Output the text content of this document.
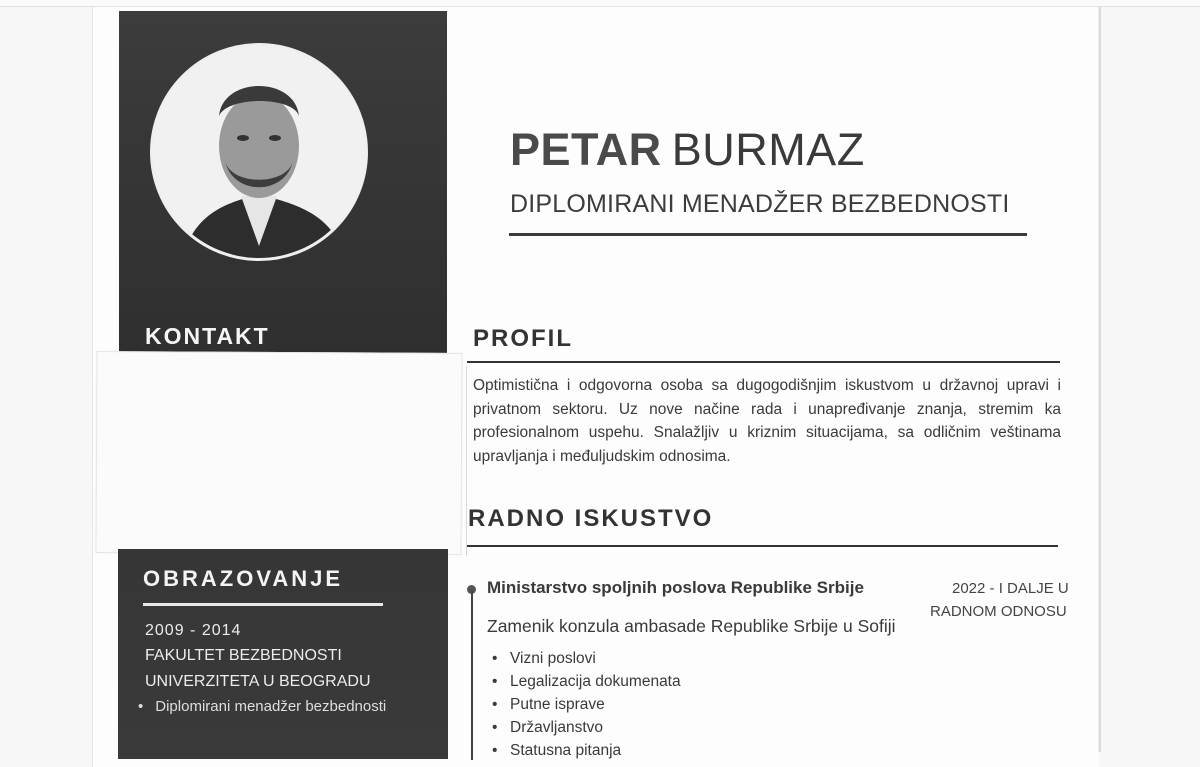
KONTAKT
OBRAZOVANJE
2009 - 2014
FAKULTET BEZBEDNOSTI
UNIVERZITETA U BEOGRADU
• Diplomirani menadžer bezbednosti
PETAR BURMAZ
DIPLOMIRANI MENADŽER BEZBEDNOSTI
PROFIL
Optimistična i odgovorna osoba sa dugogodišnjim iskustvom u državnoj upravi i privatnom sektoru. Uz nove načine rada i unapređivanje znanja, stremim ka profesionalnom uspehu. Snalažljiv u kriznim situacijama, sa odličnim veštinama upravljanja i međuljudskim odnosima.
RADNO ISKUSTVO
Ministarstvo spoljnih poslova Republike Srbije	2022 - I DALJE U
RADNOM ODNOSU
Zamenik konzula ambasade Republike Srbije u Sofiji
• Vizni poslovi
• Legalizacija dokumenata
• Putne isprave
• Državljanstvo
• Statusna pitanja
